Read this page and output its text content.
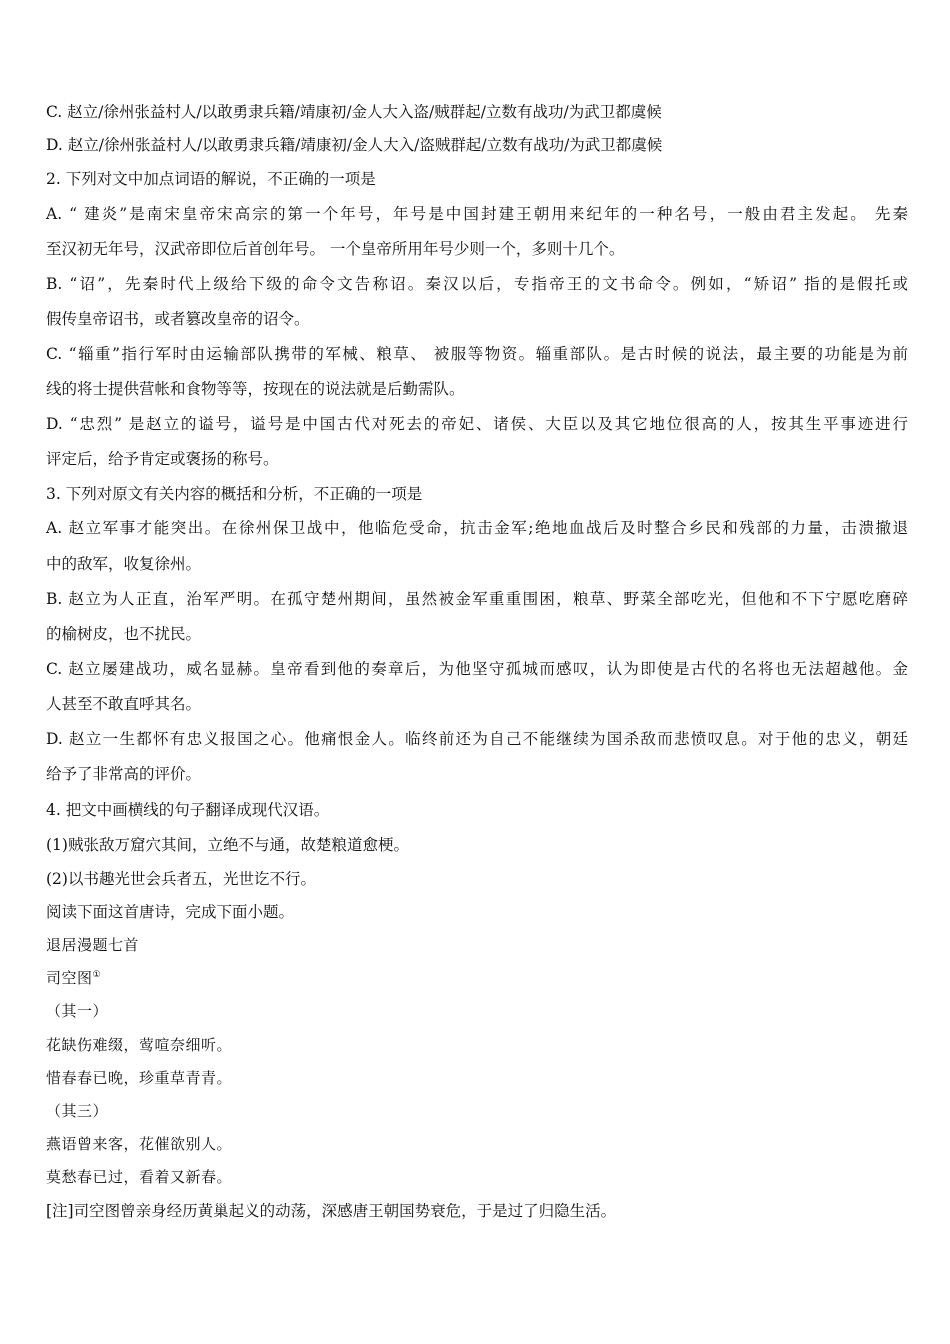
C. 赵立/徐州张益村人/以敢勇隶兵籍/靖康初/金人大入盗/贼群起/立数有战功/为武卫都虞候
D. 赵立/徐州张益村人/以敢勇隶兵籍/靖康初/金人大入/盗贼群起/立数有战功/为武卫都虞候
2. 下列对文中加点词语的解说，不正确的一项是
A. “ 建炎”是南宋皇帝宋高宗的第一个年号，年号是中国封建王朝用来纪年的一种名号，一般由君主发起。 先秦
至汉初无年号，汉武帝即位后首创年号。 一个皇帝所用年号少则一个，多则十几个。
B. “诏”，先秦时代上级给下级的命令文告称诏。秦汉以后，专指帝王的文书命令。例如，“矫诏” 指的是假托或
假传皇帝诏书，或者篡改皇帝的诏令。
C. “辎重”指行军时由运输部队携带的军械、粮草、 被服等物资。辎重部队。是古时候的说法，最主要的功能是为前
线的将士提供营帐和食物等等，按现在的说法就是后勤需队。
D. “忠烈” 是赵立的谥号，谥号是中国古代对死去的帝妃、诸侯、大臣以及其它地位很高的人，按其生平事迹进行
评定后，给予肯定或褒扬的称号。
3. 下列对原文有关内容的概括和分析，不正确的一项是
A. 赵立军事才能突出。在徐州保卫战中，他临危受命，抗击金军;绝地血战后及时整合乡民和残部的力量，击溃撤退
中的敌军，收复徐州。
B. 赵立为人正直，治军严明。在孤守楚州期间，虽然被金军重重围困，粮草、野菜全部吃光，但他和不下宁愿吃磨碎
的榆树皮，也不扰民。
C. 赵立屡建战功，威名显赫。皇帝看到他的奏章后，为他坚守孤城而感叹，认为即使是古代的名将也无法超越他。金
人甚至不敢直呼其名。
D. 赵立一生都怀有忠义报国之心。他痛恨金人。临终前还为自己不能继续为国杀敌而悲愤叹息。对于他的忠义，朝廷
给予了非常高的评价。
4. 把文中画横线的句子翻译成现代汉语。
(1)贼张敌万窟穴其间，立绝不与通，故楚粮道愈梗。
(2)以书趣光世会兵者五，光世讫不行。
阅读下面这首唐诗，完成下面小题。
退居漫题七首
司空图①
（其一）
花缺伤难缀，莺喧奈细听。
惜春春已晚，珍重草青青。
（其三）
燕语曾来客，花催欲别人。
莫愁春已过，看着又新春。
[注]司空图曾亲身经历黄巢起义的动荡，深感唐王朝国势衰危，于是过了归隐生活。
